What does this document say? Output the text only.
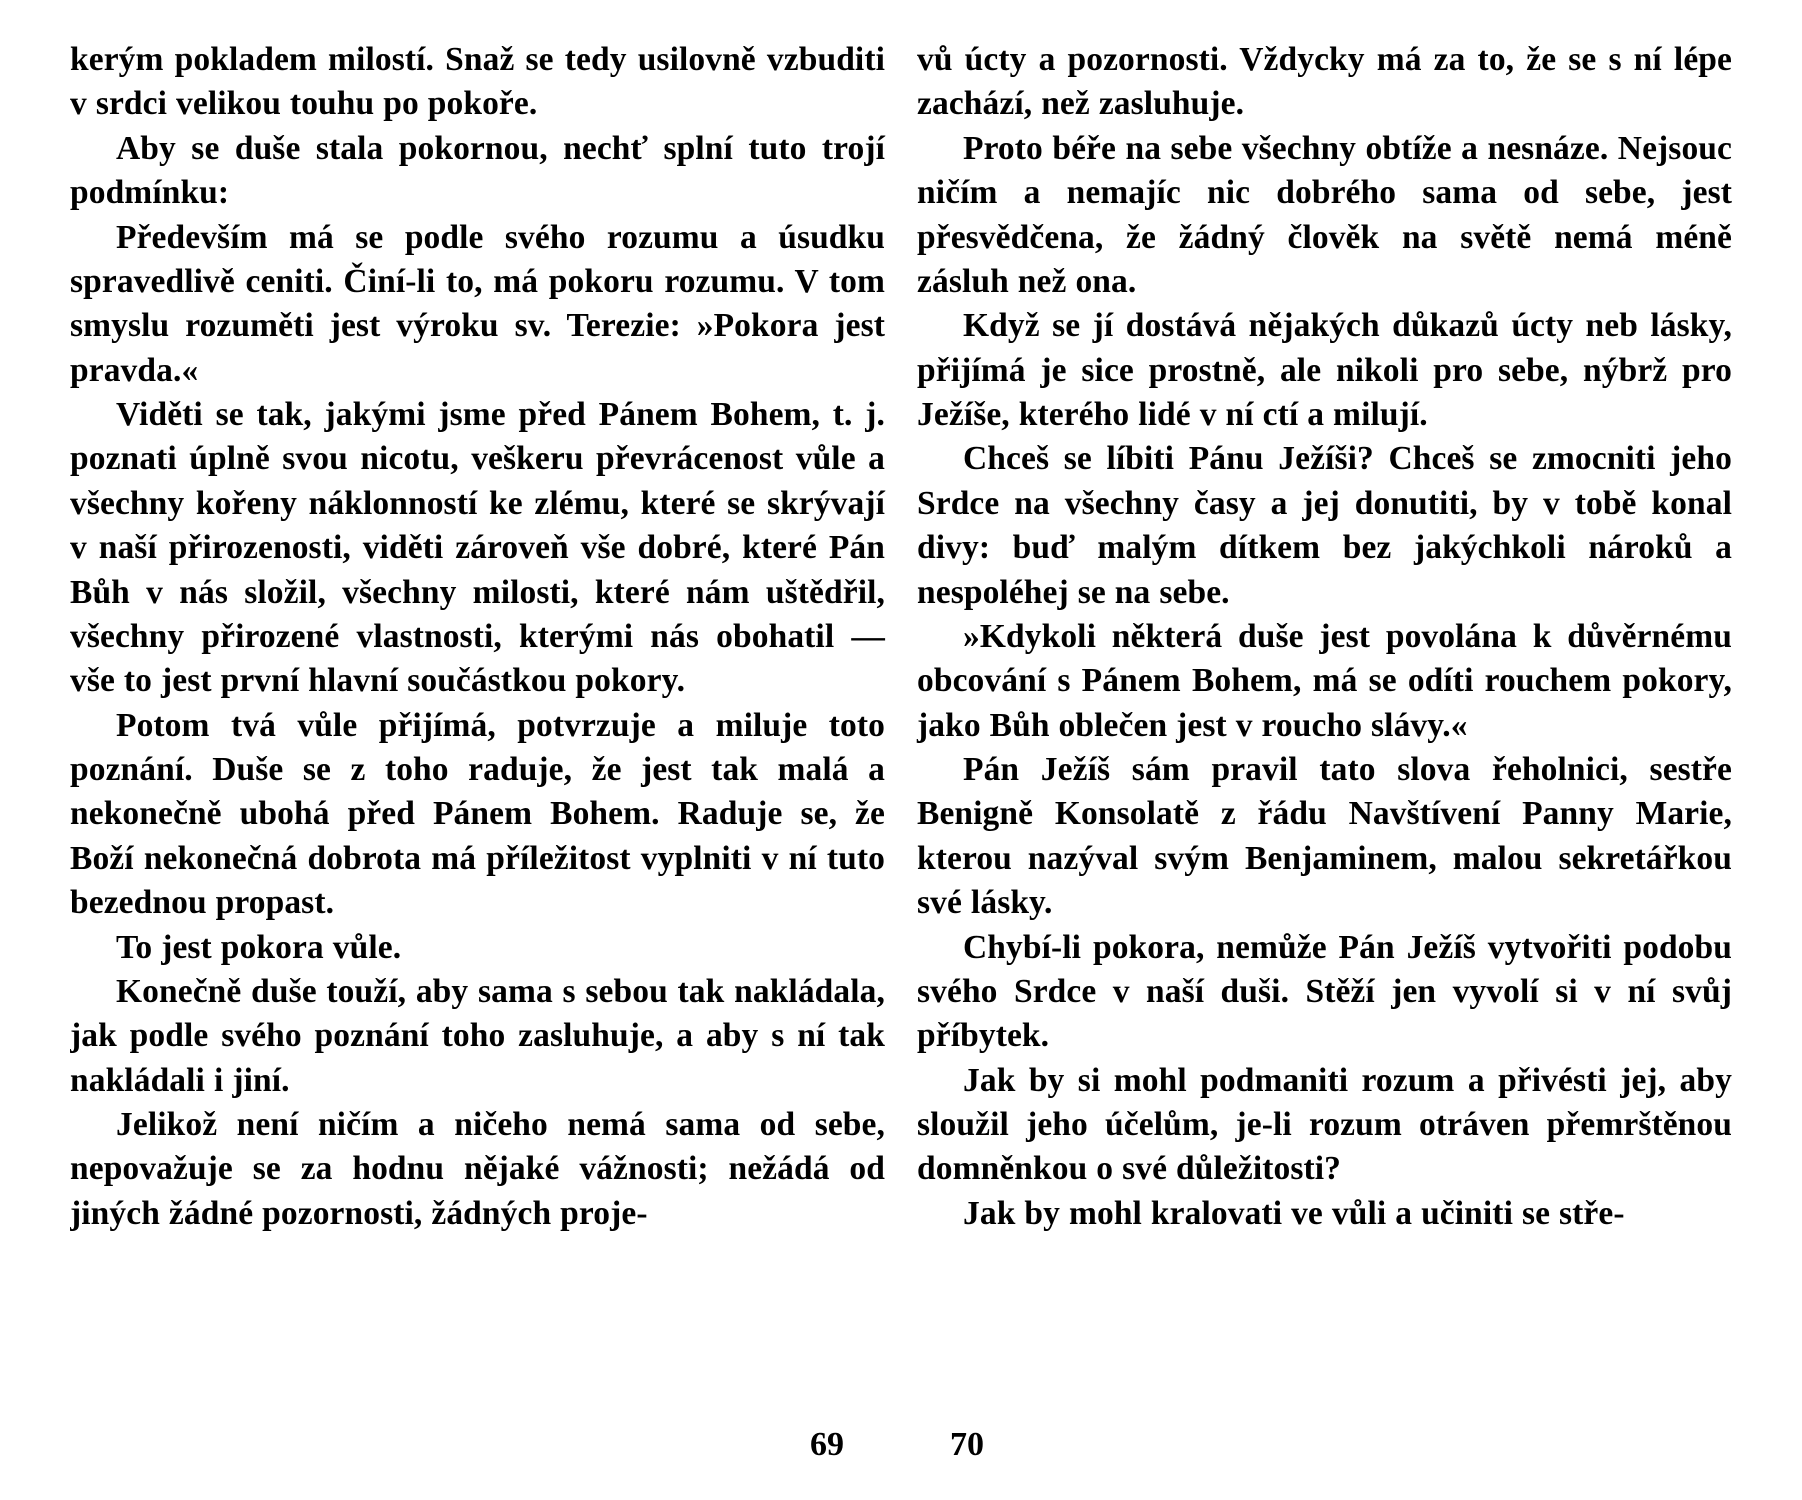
kerým pokladem milostí. Snaž se tedy usilovně vzbuditi v srdci velikou touhu po pokoře.

Aby se duše stala pokornou, nechť splní tuto trojí podmínku:

Především má se podle svého rozumu a úsudku spravedlivě ceniti. Činí-li to, má pokoru rozumu. V tom smyslu rozuměti jest výroku sv. Terezie: »Pokora jest pravda.«

Viděti se tak, jakými jsme před Pánem Bohem, t. j. poznati úplně svou nicotu, veškeru převrácenost vůle a všechny kořeny náklonností ke zlému, které se skrývají v naší přirozenosti, viděti zároveň vše dobré, které Pán Bůh v nás složil, všechny milosti, které nám uštědřil, všechny přirozené vlastnosti, kterými nás obohatil — vše to jest první hlavní součástkou pokory.

Potom tvá vůle přijímá, potvrzuje a miluje toto poznání. Duše se z toho raduje, že jest tak malá a nekonečně ubohá před Pánem Bohem. Raduje se, že Boží nekonečná dobrota má příležitost vyplniti v ní tuto bezednou propast.

To jest pokora vůle.

Konečně duše touží, aby sama s sebou tak nakládala, jak podle svého poznání toho zasluhuje, a aby s ní tak nakládali i jiní.

Jelikož není ničím a ničeho nemá sama od sebe, nepovažuje se za hodnu nějaké vážnosti; nežádá od jiných žádné pozornosti, žádných proje-

vů úcty a pozornosti. Vždycky má za to, že se s ní lépe zachází, než zasluhuje.

Proto béře na sebe všechny obtíže a nesnáze. Nejsouc ničím a nemajíc nic dobrého sama od sebe, jest přesvědčena, že žádný člověk na světě nemá méně zásluh než ona.

Když se jí dostává nějakých důkazů úcty neb lásky, přijímá je sice prostně, ale nikoli pro sebe, nýbrž pro Ježíše, kterého lidé v ní ctí a milují.

Chceš se líbiti Pánu Ježíši? Chceš se zmocniti jeho Srdce na všechny časy a jej donutiti, by v tobě konal divy: buď malým dítkem bez jakýchkoli nároků a nespoléhej se na sebe.

»Kdykoli některá duše jest povolána k důvěrnému obcování s Pánem Bohem, má se odíti rouchem pokory, jako Bůh oblečen jest v roucho slávy.«

Pán Ježíš sám pravil tato slova řeholnici, sestře Benigně Konsolatě z řádu Navštívení Panny Marie, kterou nazýval svým Benjaminem, malou sekretářkou své lásky.

Chybí-li pokora, nemůže Pán Ježíš vytvořiti podobu svého Srdce v naší duši. Stěží jen vyvolí si v ní svůj příbytek.

Jak by si mohl podmaniti rozum a přivésti jej, aby sloužil jeho účelům, je-li rozum otráven přemrštěnou domněnkou o své důležitosti?

Jak by mohl kralovati ve vůli a učiniti se stře-

69	70
